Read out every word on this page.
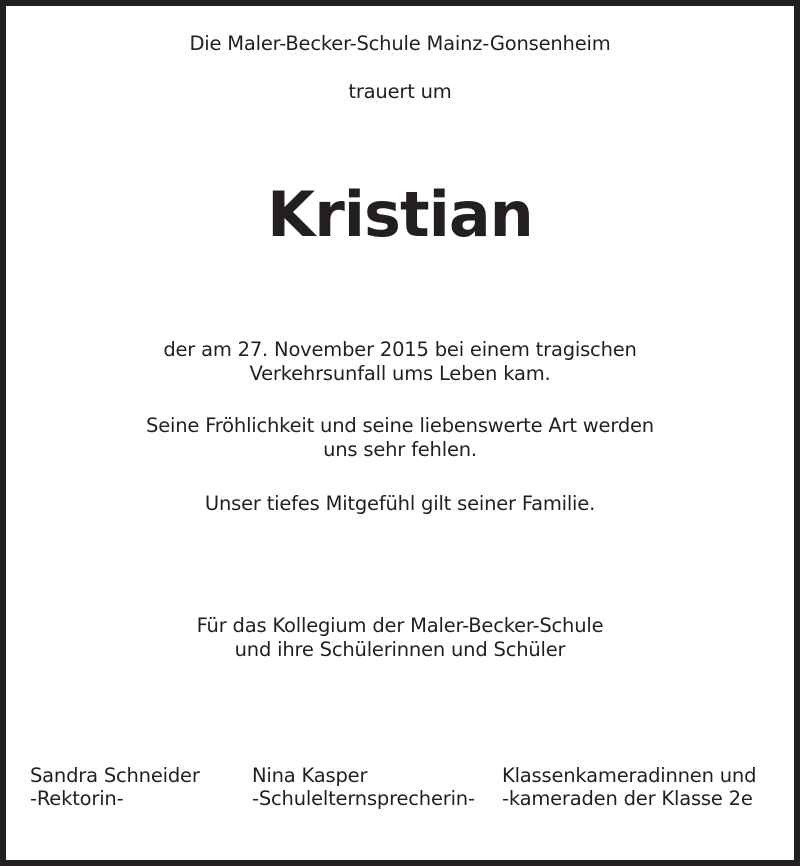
Die Maler-Becker-Schule Mainz-Gonsenheim
trauert um
Kristian
der am 27. November 2015 bei einem tragischen
Verkehrsunfall ums Leben kam.
Seine Fröhlichkeit und seine liebenswerte Art werden
uns sehr fehlen.
Unser tiefes Mitgefühl gilt seiner Familie.
Für das Kollegium der Maler-Becker-Schule
und ihre Schülerinnen und Schüler
Sandra Schneider
-Rektorin-
Nina Kasper
-Schulelternsprecherin-
Klassenkameradinnen und
-kameraden der Klasse 2e
